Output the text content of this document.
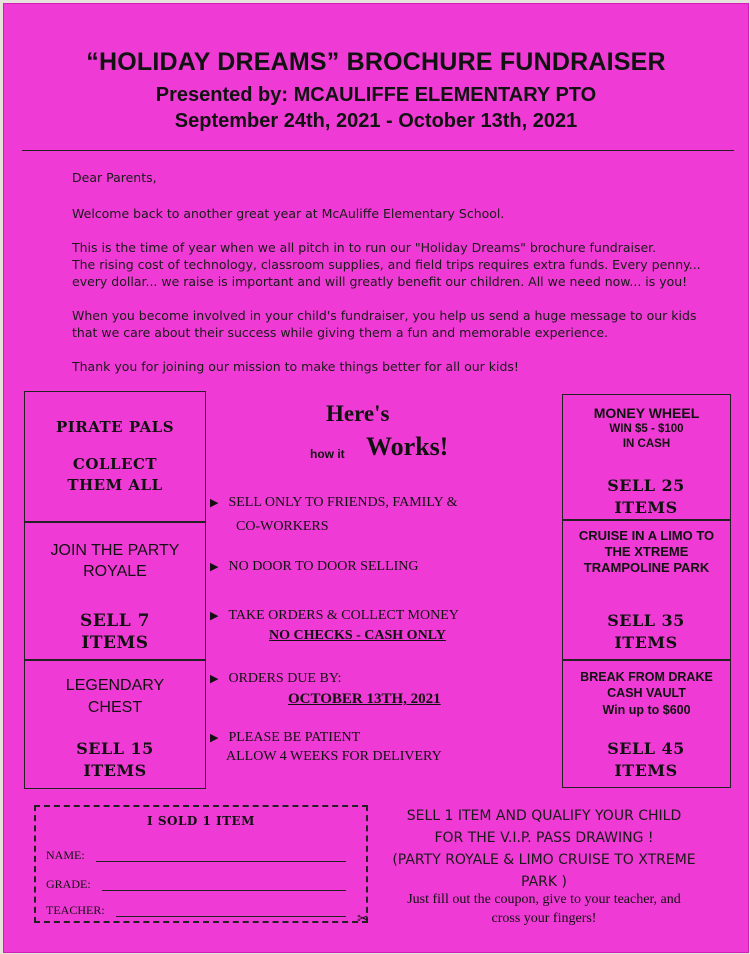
“HOLIDAY DREAMS” BROCHURE FUNDRAISER
Presented by: MCAULIFFE ELEMENTARY PTO
September 24th, 2021 - October 13th, 2021
Dear Parents,
Welcome back to another great year at McAuliffe Elementary School.
This is the time of year when we all pitch in to run our "Holiday Dreams" brochure fundraiser.
The rising cost of technology, classroom supplies, and field trips requires extra funds. Every penny...
every dollar... we raise is important and will greatly benefit our children. All we need now... is you!
When you become involved in your child's fundraiser, you help us send a huge message to our kids
that we care about their success while giving them a fun and memorable experience.
Thank you for joining our mission to make things better for all our kids!
PIRATE PALS
COLLECT THEM ALL
JOIN THE PARTY ROYALE
SELL 7 ITEMS
LEGENDARY CHEST
SELL 15 ITEMS
MONEY WHEEL
WIN $5 - $100
IN CASH
SELL 25 ITEMS
CRUISE IN A LIMO TO THE XTREME TRAMPOLINE PARK
SELL 35 ITEMS
BREAK FROM DRAKE CASH VAULT
Win up to $600
SELL 45 ITEMS
Here's
how it Works!
▶ SELL ONLY TO FRIENDS, FAMILY &
CO-WORKERS
▶ NO DOOR TO DOOR SELLING
▶ TAKE ORDERS & COLLECT MONEY
NO CHECKS - CASH ONLY
▶ ORDERS DUE BY:
OCTOBER 13TH, 2021
▶ PLEASE BE PATIENT
ALLOW 4 WEEKS FOR DELIVERY
I SOLD 1 ITEM
NAME:
GRADE:
TEACHER:	✂
SELL 1 ITEM AND QUALIFY YOUR CHILD
FOR THE V.I.P. PASS DRAWING !
(PARTY ROYALE & LIMO CRUISE TO XTREME
PARK )
Just fill out the coupon, give to your teacher, and
cross your fingers!
